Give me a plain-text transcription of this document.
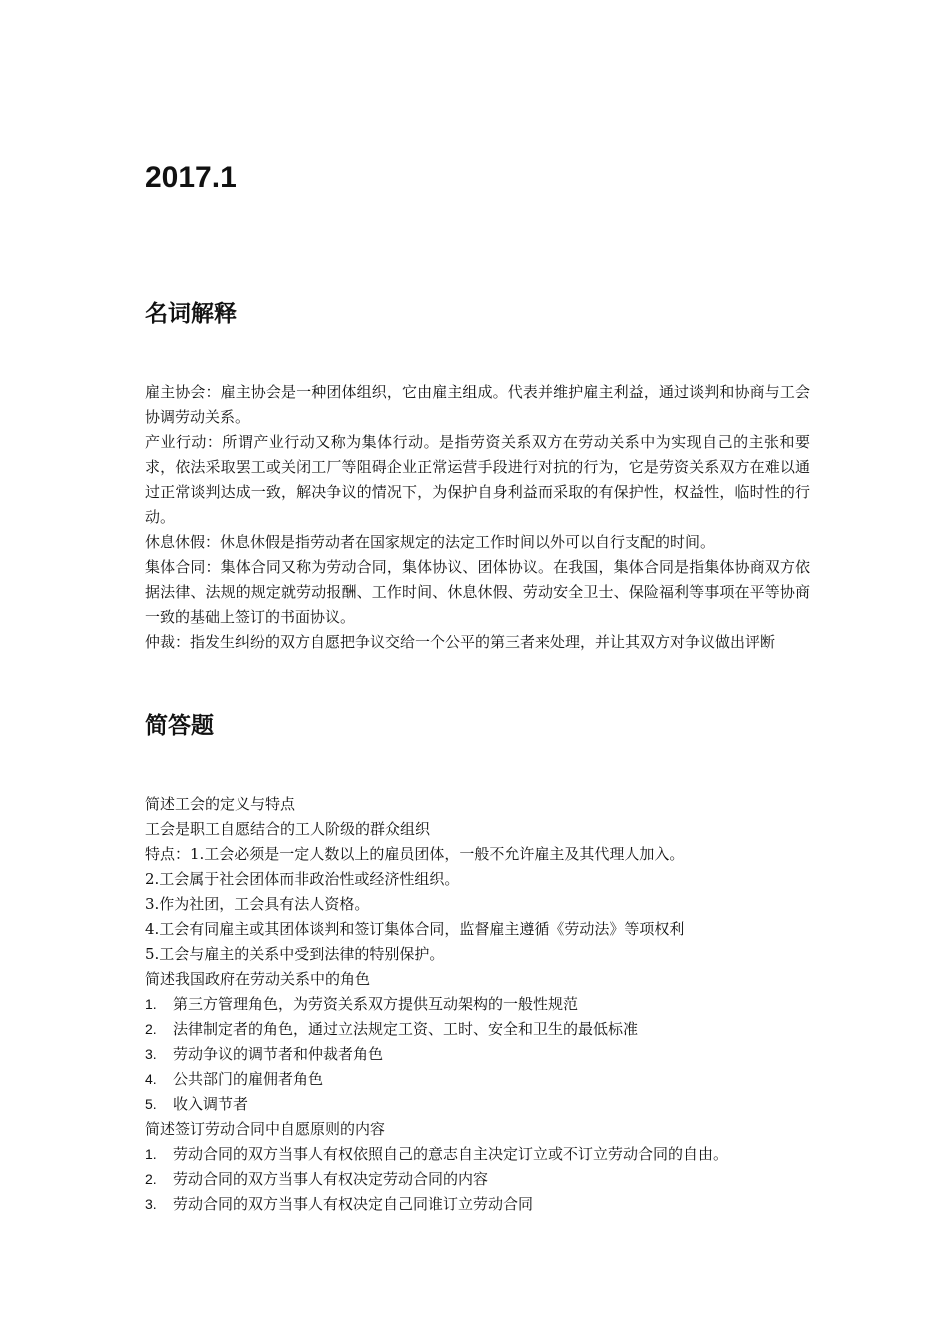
2017.1
名词解释

雇主协会：雇主协会是一种团体组织，它由雇主组成。代表并维护雇主利益，通过谈判和协商与工会协调劳动关系。

产业行动：所谓产业行动又称为集体行动。是指劳资关系双方在劳动关系中为实现自己的主张和要求，依法采取罢工或关闭工厂等阻碍企业正常运营手段进行对抗的行为，它是劳资关系双方在难以通过正常谈判达成一致，解决争议的情况下，为保护自身利益而采取的有保护性，权益性，临时性的行动。

休息休假：休息休假是指劳动者在国家规定的法定工作时间以外可以自行支配的时间。

集体合同：集体合同又称为劳动合同，集体协议、团体协议。在我国，集体合同是指集体协商双方依据法律、法规的规定就劳动报酬、工作时间、休息休假、劳动安全卫士、保险福利等事项在平等协商一致的基础上签订的书面协议。

仲裁：指发生纠纷的双方自愿把争议交给一个公平的第三者来处理，并让其双方对争议做出评断

简答题

简述工会的定义与特点

工会是职工自愿结合的工人阶级的群众组织

特点：1.工会必须是一定人数以上的雇员团体，一般不允许雇主及其代理人加入。

2.工会属于社会团体而非政治性或经济性组织。

3.作为社团，工会具有法人资格。

4.工会有同雇主或其团体谈判和签订集体合同，监督雇主遵循《劳动法》等项权利

5.工会与雇主的关系中受到法律的特别保护。

简述我国政府在劳动关系中的角色

1. 第三方管理角色，为劳资关系双方提供互动架构的一般性规范

2. 法律制定者的角色，通过立法规定工资、工时、安全和卫生的最低标准

3. 劳动争议的调节者和仲裁者角色

4. 公共部门的雇佣者角色

5. 收入调节者

简述签订劳动合同中自愿原则的内容

1. 劳动合同的双方当事人有权依照自己的意志自主决定订立或不订立劳动合同的自由。

2. 劳动合同的双方当事人有权决定劳动合同的内容

3. 劳动合同的双方当事人有权决定自己同谁订立劳动合同
